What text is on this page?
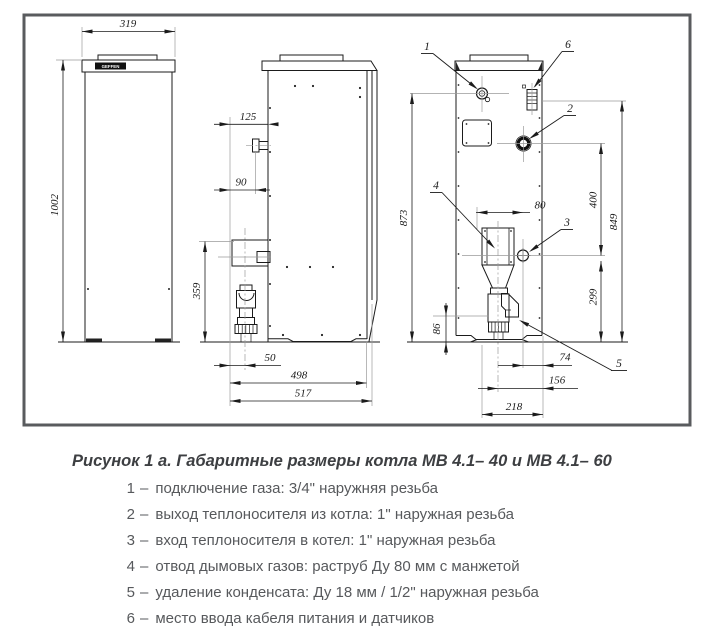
GEFFEN
319
1002
125
90
359
50
498
517
873
86
80	400
849
299
74
156
218
1	6
2
3
4
5
Рисунок 1 а. Габаритные размеры котла МВ 4.1– 40 и МВ 4.1– 60
1 – подключение газа: 3/4" наружняя резьба
2 – выход теплоносителя из котла: 1" наружная резьба
3 – вход теплоносителя в котел: 1" наружная резьба
4 – отвод дымовых газов: раструб Ду 80 мм с манжетой
5 – удаление конденсата: Ду 18 мм / 1/2" наружная резьба
6 – место ввода кабеля питания и датчиков
